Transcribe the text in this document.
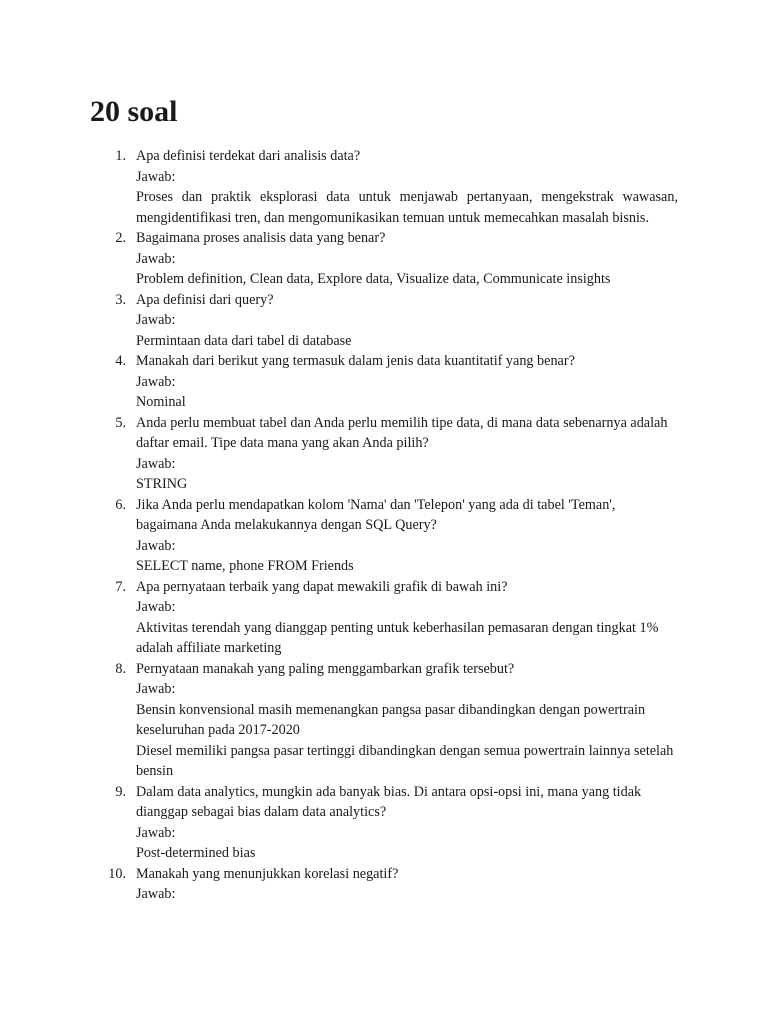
20 soal
1. Apa definisi terdekat dari analisis data?
Jawab:
Proses dan praktik eksplorasi data untuk menjawab pertanyaan, mengekstrak wawasan, mengidentifikasi tren, dan mengomunikasikan temuan untuk memecahkan masalah bisnis.
2. Bagaimana proses analisis data yang benar?
Jawab:
Problem definition, Clean data, Explore data, Visualize data, Communicate insights
3. Apa definisi dari query?
Jawab:
Permintaan data dari tabel di database
4. Manakah dari berikut yang termasuk dalam jenis data kuantitatif yang benar?
Jawab:
Nominal
5. Anda perlu membuat tabel dan Anda perlu memilih tipe data, di mana data sebenarnya adalah daftar email. Tipe data mana yang akan Anda pilih?
Jawab:
STRING
6. Jika Anda perlu mendapatkan kolom 'Nama' dan 'Telepon' yang ada di tabel 'Teman', bagaimana Anda melakukannya dengan SQL Query?
Jawab:
SELECT name, phone FROM Friends
7. Apa pernyataan terbaik yang dapat mewakili grafik di bawah ini?
Jawab:
Aktivitas terendah yang dianggap penting untuk keberhasilan pemasaran dengan tingkat 1% adalah affiliate marketing
8. Pernyataan manakah yang paling menggambarkan grafik tersebut?
Jawab:
Bensin konvensional masih memenangkan pangsa pasar dibandingkan dengan powertrain keseluruhan pada 2017-2020
Diesel memiliki pangsa pasar tertinggi dibandingkan dengan semua powertrain lainnya setelah bensin
9. Dalam data analytics, mungkin ada banyak bias. Di antara opsi-opsi ini, mana yang tidak dianggap sebagai bias dalam data analytics?
Jawab:
Post-determined bias
10. Manakah yang menunjukkan korelasi negatif?
Jawab:
